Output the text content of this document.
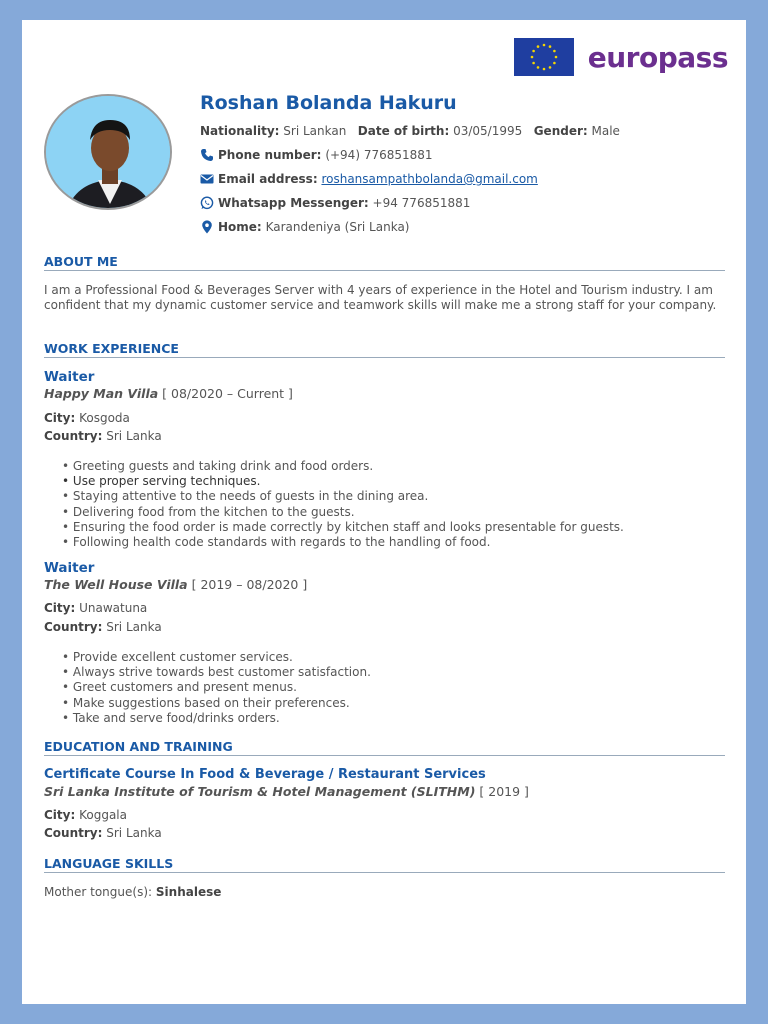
europass
Roshan Bolanda Hakuru
Nationality:
Sri Lankan
Date of birth:
03/05/1995
Gender:
Male
Phone number:
(+94) 776851881
Email address:
roshansampathbolanda@gmail.com
Whatsapp Messenger:
+94 776851881
Home:
Karandeniya (Sri Lanka)
ABOUT ME
I am a Professional Food & Beverages Server with 4 years of experience in the Hotel and Tourism industry. I am confident that my dynamic customer service and teamwork skills will make me a strong staff for your company.
WORK EXPERIENCE
Waiter
Happy Man Villa [ 08/2020 – Current ]
City: Kosgoda
Country: Sri Lanka
• Greeting guests and taking drink and food orders.
• Use proper serving techniques.
• Staying attentive to the needs of guests in the dining area.
• Delivering food from the kitchen to the guests.
• Ensuring the food order is made correctly by kitchen staff and looks presentable for guests.
• Following health code standards with regards to the handling of food.
Waiter
The Well House Villa [ 2019 – 08/2020 ]
City: Unawatuna
Country: Sri Lanka
• Provide excellent customer services.
• Always strive towards best customer satisfaction.
• Greet customers and present menus.
• Make suggestions based on their preferences.
• Take and serve food/drinks orders.
EDUCATION AND TRAINING
Certificate Course In Food & Beverage / Restaurant Services
Sri Lanka Institute of Tourism & Hotel Management (SLITHM) [ 2019 ]
City: Koggala
Country: Sri Lanka
LANGUAGE SKILLS
Mother tongue(s): Sinhalese
